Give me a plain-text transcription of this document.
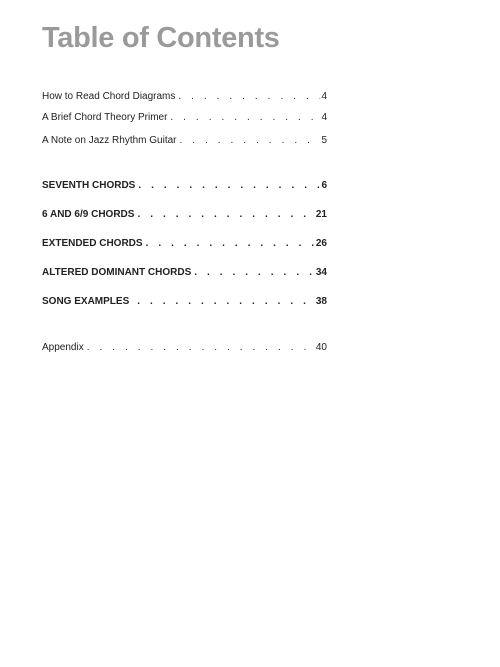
Table of Contents
How to Read Chord Diagrams . . .	4
A Brief Chord Theory Primer . . .	4
A Note on Jazz Rhythm Guitar . . .	5
SEVENTH CHORDS . . .	6
6 AND 6/9 CHORDS . . .	21
EXTENDED CHORDS . . .	26
ALTERED DOMINANT CHORDS . . .	34
SONG EXAMPLES . . .	38
Appendix . . .	40
